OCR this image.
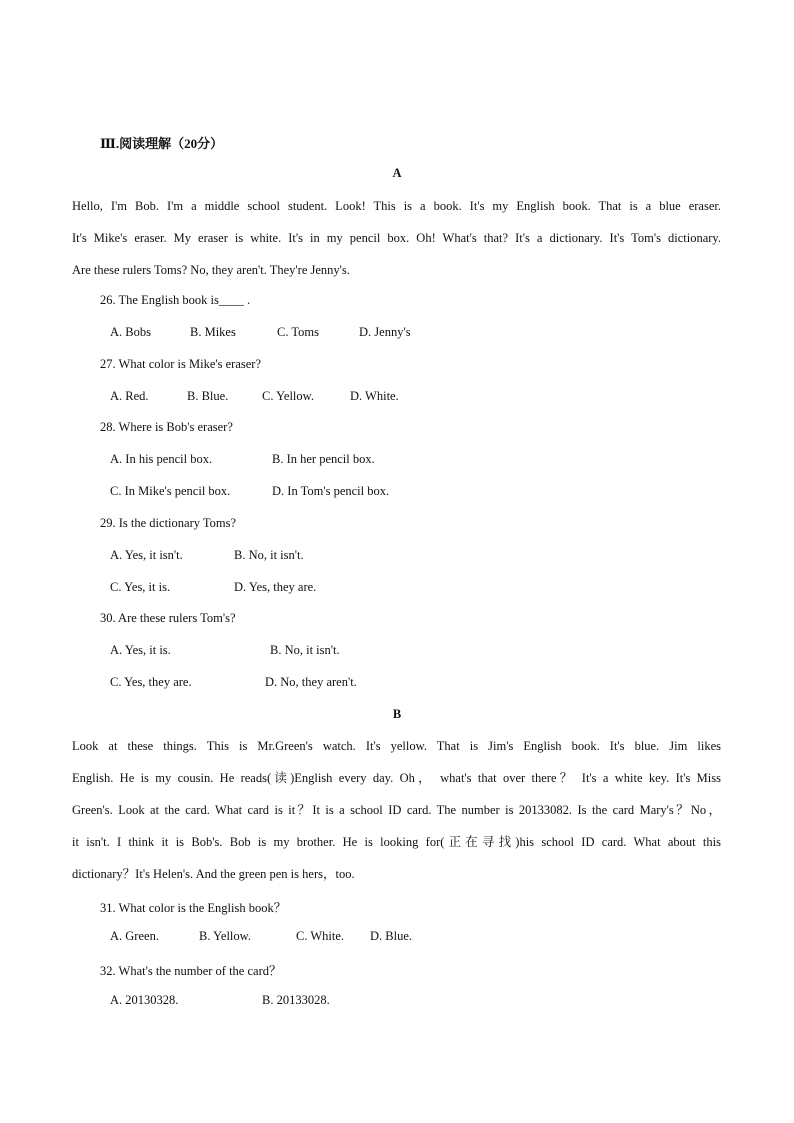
Ⅲ.阅读理解（20分）
A
Hello, I'm Bob. I'm a middle school student. Look! This is a book. It's my English book. That is a blue eraser.
It's Mike's eraser. My eraser is white. It's in my pencil box. Oh! What's that? It's a dictionary. It's Tom's dictionary.
Are these rulers Toms? No, they aren't. They're Jenny's.
26. The English book is____ .
A. Bobs	B. Mikes	C. Toms	D. Jenny's
27. What color is Mike's eraser?
A. Red.	B. Blue.	C. Yellow.	D. White.
28. Where is Bob's eraser?
A. In his pencil box.	B. In her pencil box.
C. In Mike's pencil box.	D. In Tom's pencil box.
29. Is the dictionary Toms?
A. Yes, it isn't.	B. No, it isn't.
C. Yes, it is.	D. Yes, they are.
30. Are these rulers Tom's?
A. Yes, it is.	B. No, it isn't.
C. Yes, they are.	D. No, they aren't.
B
Look at these things. This is Mr.Green's watch. It's yellow. That is Jim's English book. It's blue. Jim likes
English. He is my cousin. He reads(读)English every day. Oh， what's that over there？ It's a white key. It's Miss
Green's. Look at the card. What card is it？It is a school ID card. The number is 20133082. Is the card Mary's？No，
it isn't. I think it is Bob's. Bob is my brother. He is looking for(正在寻找)his school ID card. What about this
dictionary？It's Helen's. And the green pen is hers，too.
31. What color is the English book？
A. Green.	B. Yellow.	C. White. D. Blue.
32. What's the number of the card？
A. 20130328.	B. 20133028.
